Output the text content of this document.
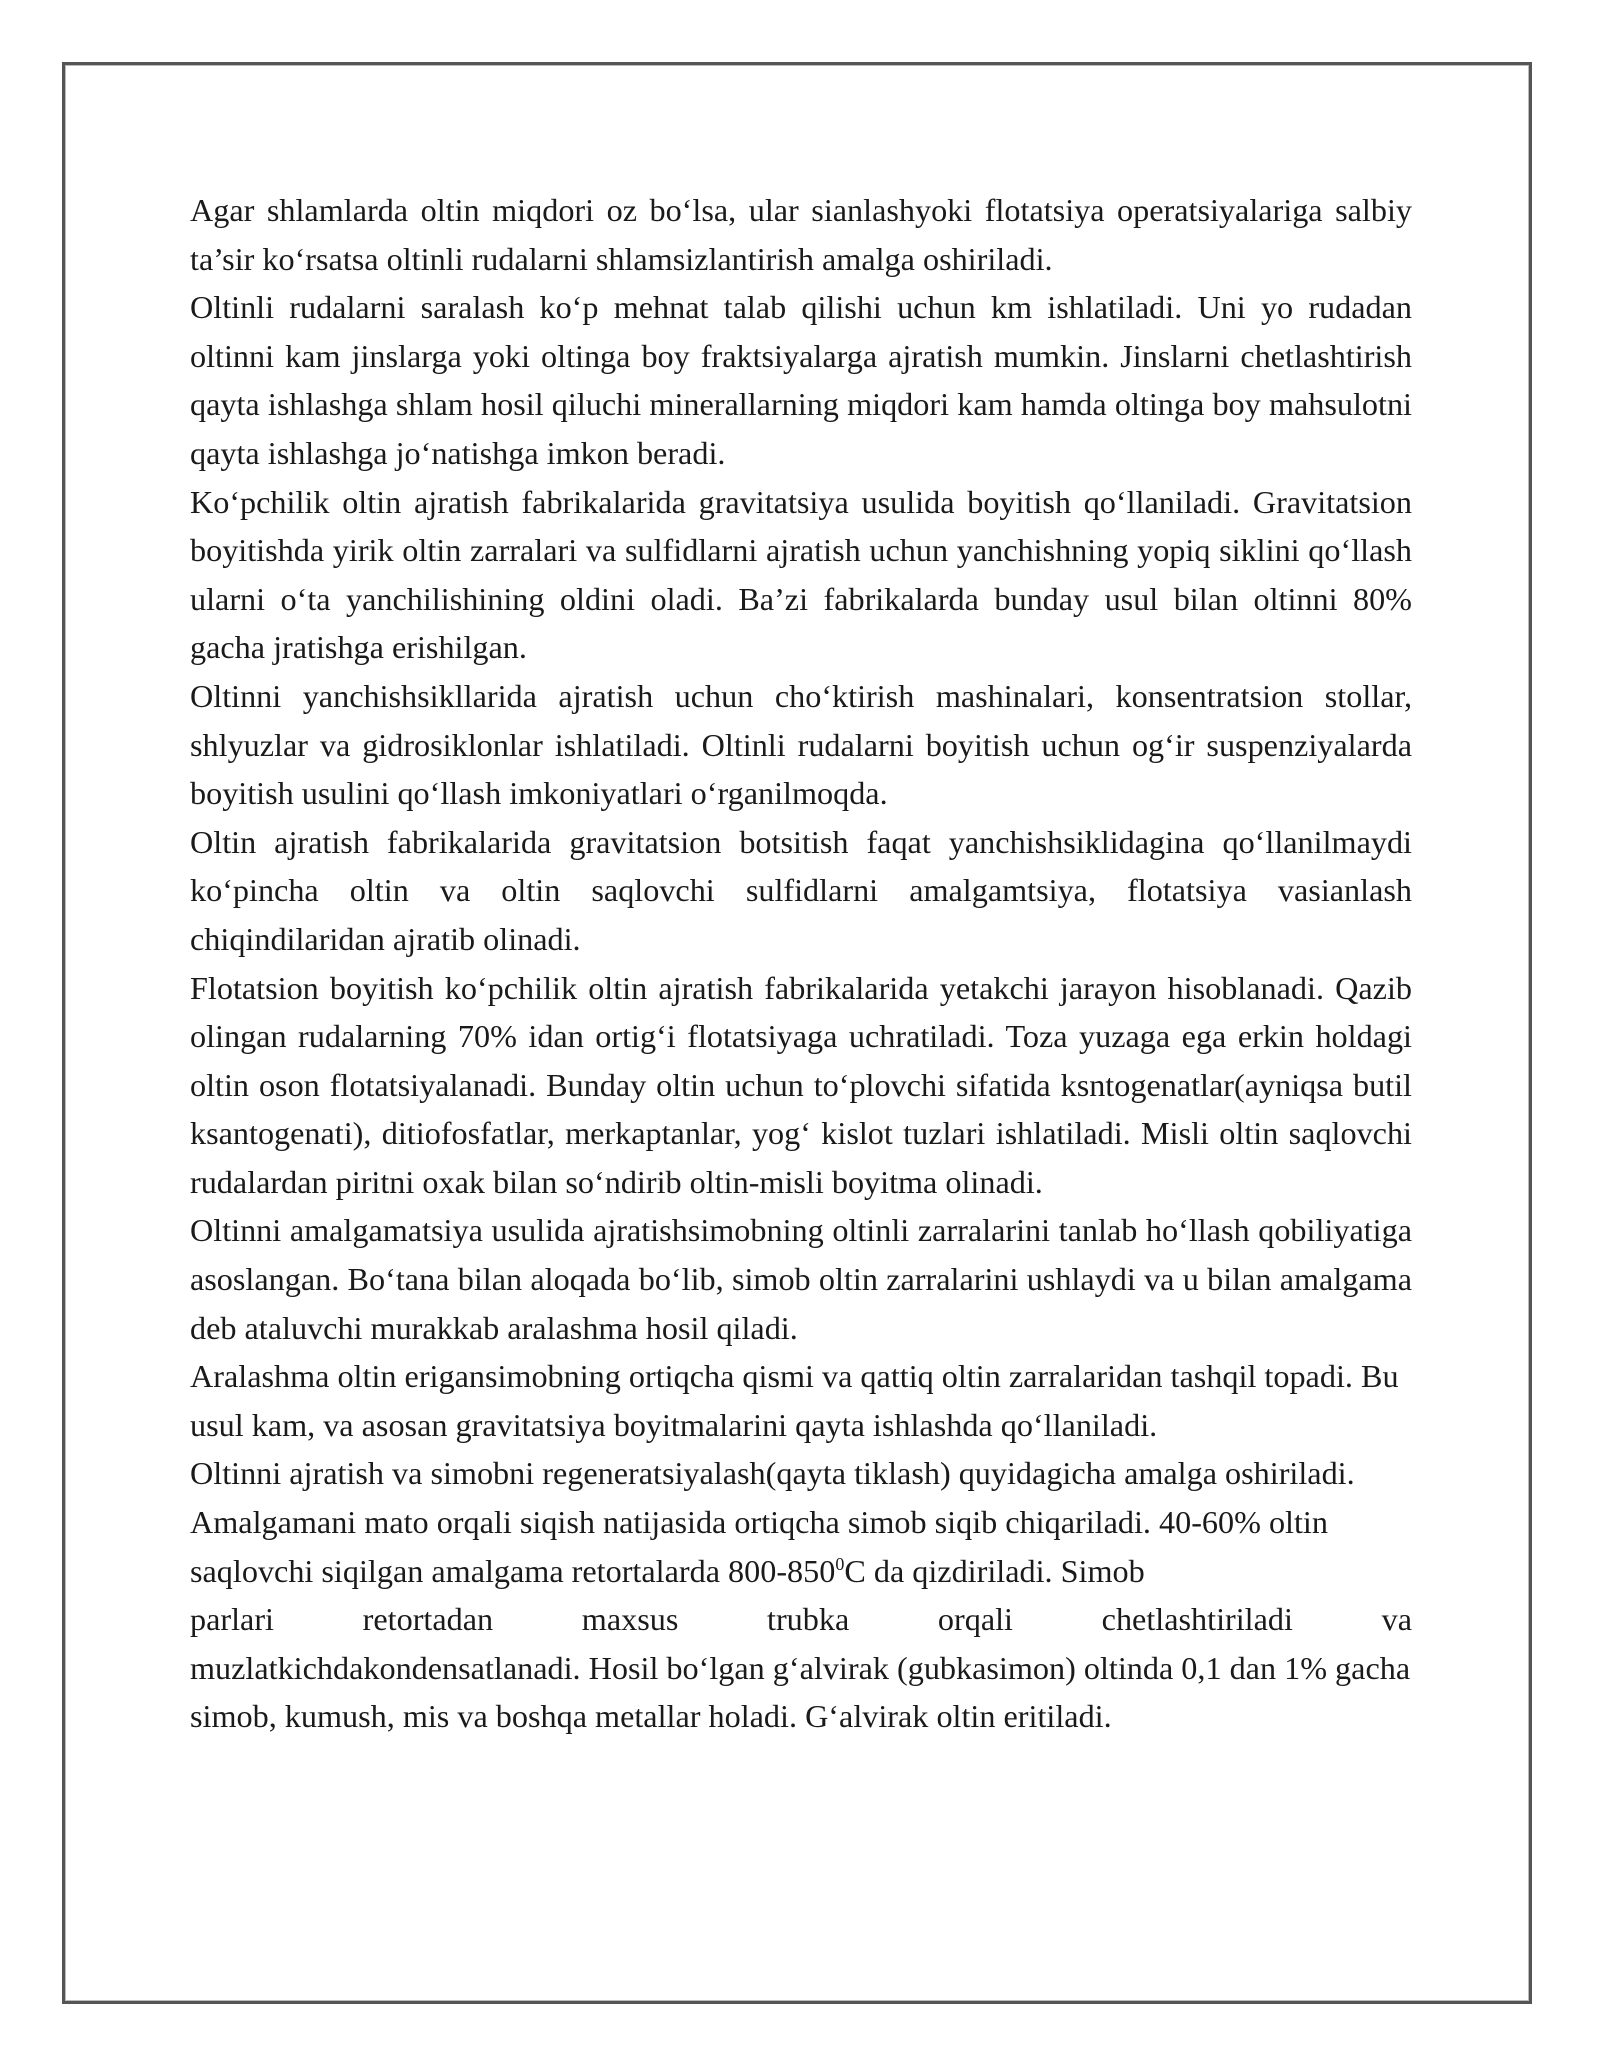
Agar shlamlarda oltin miqdori oz bo‘lsa, ular sianlashyoki flotatsiya operatsiyalariga salbiy ta’sir ko‘rsatsa oltinli rudalarni shlamsizlantirish amalga oshiriladi.

Oltinli rudalarni saralash ko‘p mehnat talab qilishi uchun km ishlatiladi. Uni yo rudadan oltinni kam jinslarga yoki oltinga boy fraktsiyalarga ajratish mumkin. Jinslarni chetlashtirish qayta ishlashga shlam hosil qiluchi minerallarning miqdori kam hamda oltinga boy mahsulotni qayta ishlashga jo‘natishga imkon beradi.

Ko‘pchilik oltin ajratish fabrikalarida gravitatsiya usulida boyitish qo‘llaniladi. Gravitatsion boyitishda yirik oltin zarralari va sulfidlarni ajratish uchun yanchishning yopiq siklini qo‘llash ularni o‘ta yanchilishining oldini oladi. Ba’zi fabrikalarda bunday usul bilan oltinni 80% gacha jratishga erishilgan.

Oltinni yanchishsikllarida ajratish uchun cho‘ktirish mashinalari, konsentratsion stollar, shlyuzlar va gidrosiklonlar ishlatiladi. Oltinli rudalarni boyitish uchun og‘ir suspenziyalarda boyitish usulini qo‘llash imkoniyatlari o‘rganilmoqda.

Oltin ajratish fabrikalarida gravitatsion botsitish faqat yanchishsiklidagina qo‘llanilmaydi ko‘pincha oltin va oltin saqlovchi sulfidlarni amalgamtsiya, flotatsiya vasianlash chiqindilaridan ajratib olinadi.

Flotatsion boyitish ko‘pchilik oltin ajratish fabrikalarida yetakchi jarayon hisoblanadi. Qazib olingan rudalarning 70% idan ortig‘i flotatsiyaga uchratiladi. Toza yuzaga ega erkin holdagi oltin oson flotatsiyalanadi. Bunday oltin uchun to‘plovchi sifatida ksntogenatlar(ayniqsa butil ksantogenati), ditiofosfatlar, merkaptanlar, yog‘ kislot tuzlari ishlatiladi. Misli oltin saqlovchi rudalardan piritni oxak bilan so‘ndirib oltin-misli boyitma olinadi.

Oltinni amalgamatsiya usulida ajratishsimobning oltinli zarralarini tanlab ho‘llash qobiliyatiga asoslangan. Bo‘tana bilan aloqada bo‘lib, simob oltin zarralarini ushlaydi va u bilan amalgama deb ataluvchi murakkab aralashma hosil qiladi.

Aralashma oltin erigansimobning ortiqcha qismi va qattiq oltin zarralaridan tashqil topadi. Bu usul kam, va asosan gravitatsiya boyitmalarini qayta ishlashda qo‘llaniladi.Oltinni ajratish va simobni regeneratsiyalash(qayta tiklash) quyidagicha amalga oshiriladi. Amalgamani mato orqali siqish natijasida ortiqcha simob siqib chiqariladi. 40-60% oltin saqlovchi siqilgan amalgama retortalarda $800-850^0C$ da qizdiriladi. Simob

parlari retortadan maxsus trubka orqali chetlashtiriladi va

muzlatkichdakondensatlanadi. Hosil bo‘lgan g‘alvirak (gubkasimon) oltinda 0,1 dan 1% gacha simob, kumush, mis va boshqa metallar holadi. G‘alvirak oltin eritiladi.
